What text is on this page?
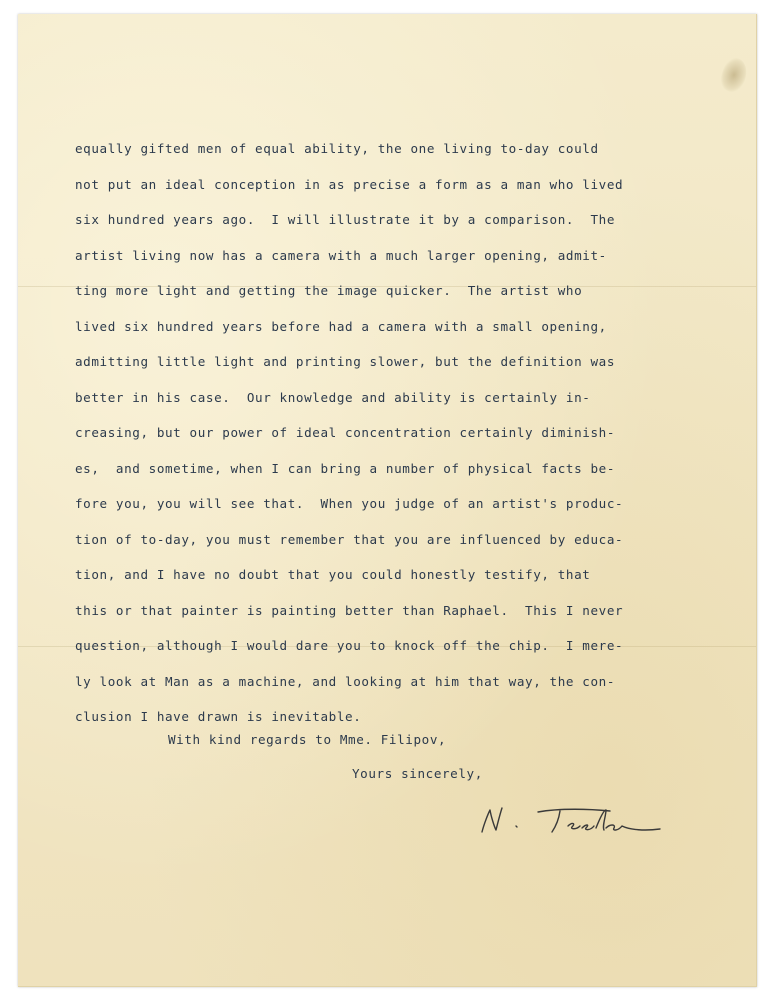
equally gifted men of equal ability, the one living to-day could
not put an ideal conception in as precise a form as a man who lived
six hundred years ago.  I will illustrate it by a comparison.  The
artist living now has a camera with a much larger opening, admit-
ting more light and getting the image quicker.  The artist who
lived six hundred years before had a camera with a small opening,
admitting little light and printing slower, but the definition was
better in his case.  Our knowledge and ability is certainly in-
creasing, but our power of ideal concentration certainly diminish-
es,  and sometime, when I can bring a number of physical facts be-
fore you, you will see that.  When you judge of an artist's produc-
tion of to-day, you must remember that you are influenced by educa-
tion, and I have no doubt that you could honestly testify, that
this or that painter is painting better than Raphael.  This I never
question, although I would dare you to knock off the chip.  I mere-
ly look at Man as a machine, and looking at him that way, the con-
clusion I have drawn is inevitable.
With kind regards to Mme. Filipov,
Yours sincerely,
